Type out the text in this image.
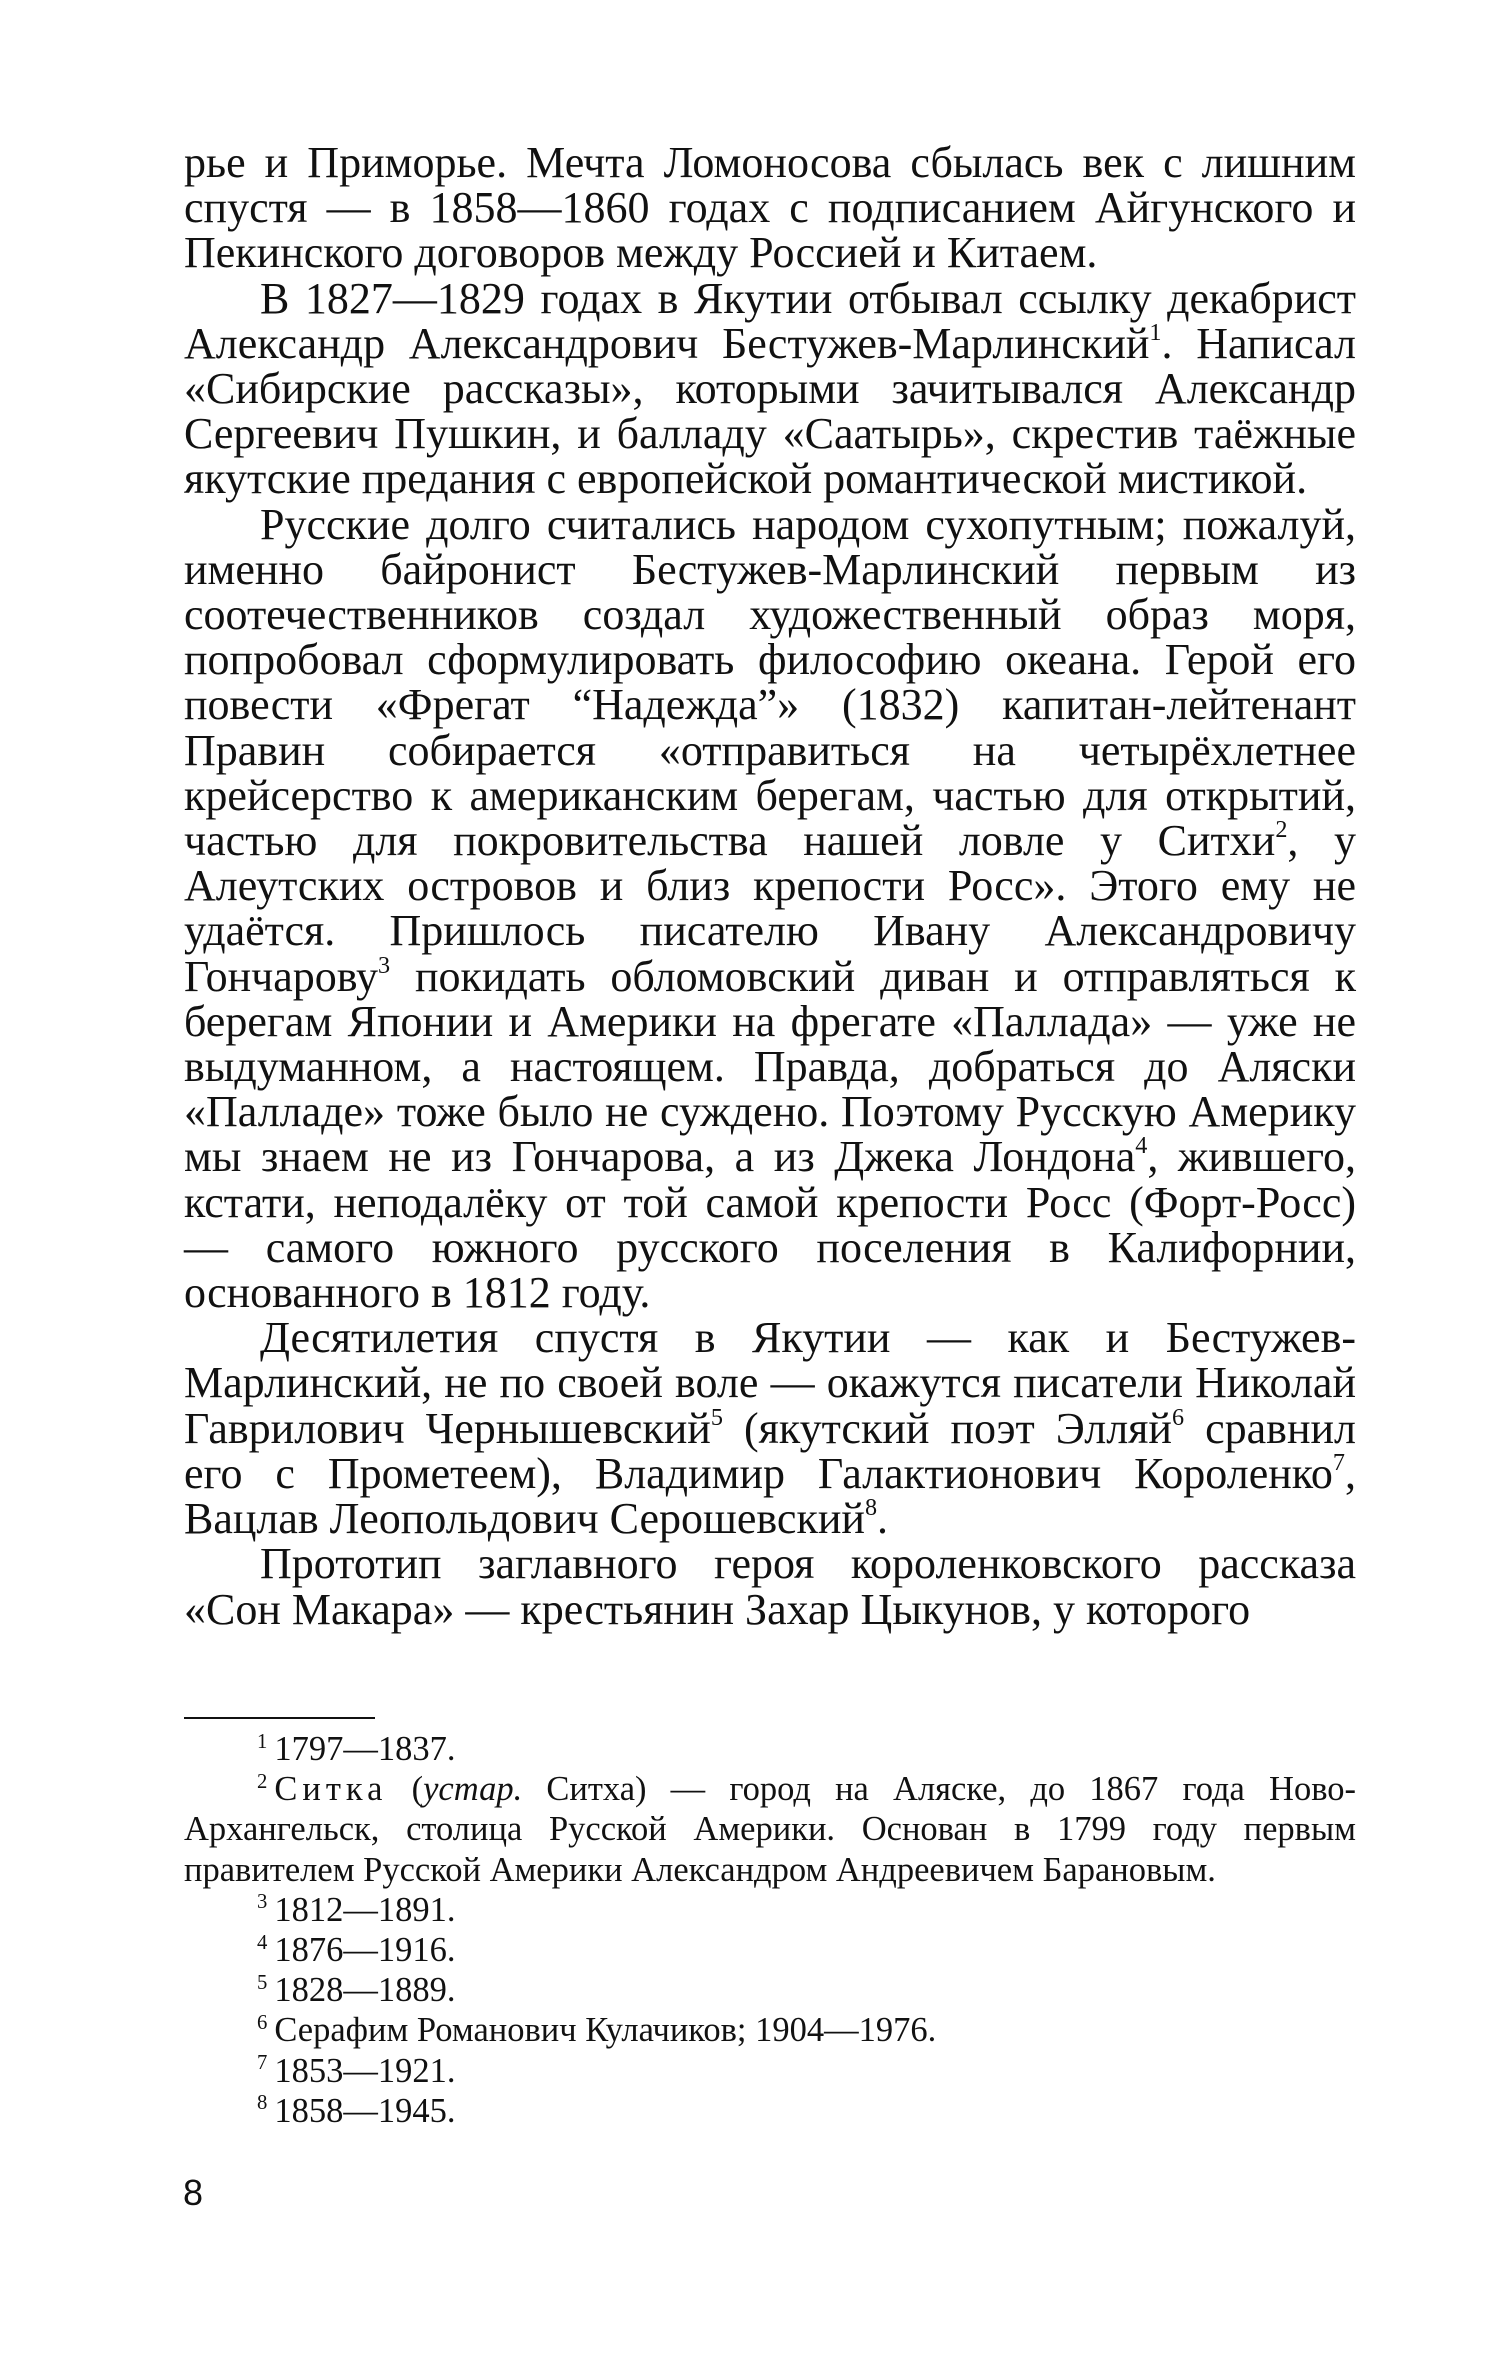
рье и Приморье. Мечта Ломоносова сбылась век с лишним спустя — в 1858—1860 годах с подписанием Айгунского и Пекинского договоров между Россией и Китаем.

В 1827—1829 годах в Якутии отбывал ссылку декабрист Александр Александрович Бестужев-Марлинский$^1$. Написал «Сибирские рассказы», которыми зачитывался Александр Сергеевич Пушкин, и балладу «Саатырь», скрестив таёжные якутские предания с европейской романтической мистикой.

Русские долго считались народом сухопутным; пожалуй, именно байронист Бестужев-Марлинский первым из соотечественников создал художественный образ моря, попробовал сформулировать философию океана. Герой его повести «Фрегат “Надежда”» (1832) капитан-лейтенант Правин собирается «отправиться на четырёхлетнее крейсерство к американским берегам, частью для открытий, частью для покровительства нашей ловле у Ситхи$^2$, у Алеутских островов и близ крепости Росс». Этого ему не удаётся. Пришлось писателю Ивану Александровичу Гончарову$^3$ покидать обломовский диван и отправляться к берегам Японии и Америки на фрегате «Паллада» — уже не выдуманном, а настоящем. Правда, добраться до Аляски «Палладе» тоже было не суждено. Поэтому Русскую Америку мы знаем не из Гончарова, а из Джека Лондона$^4$, жившего, кстати, неподалёку от той самой крепости Росс (Форт-Росс) — самого южного русского поселения в Калифорнии, основанного в 1812 году.

Десятилетия спустя в Якутии — как и Бестужев-Марлинский, не по своей воле — окажутся писатели Николай Гаврилович Чернышевский$^5$ (якутский поэт Элляй$^6$ сравнил его с Прометеем), Владимир Галактионович Короленко$^7$, Вацлав Леопольдович Серошевский$^8$.

Прототип заглавного героя короленковского рассказа «Сон Макара» — крестьянин Захар Цыкунов, у которого

$^1$ 1797—1837.

$^2$ Ситка (устар. Ситха) — город на Аляске, до 1867 года Ново-Архангельск, столица Русской Америки. Основан в 1799 году первым правителем Русской Америки Александром Андреевичем Барановым.

$^3$ 1812—1891.

$^4$ 1876—1916.

$^5$ 1828—1889.

$^6$ Серафим Романович Кулачиков; 1904—1976.

$^7$ 1853—1921.

$^8$ 1858—1945.

8
